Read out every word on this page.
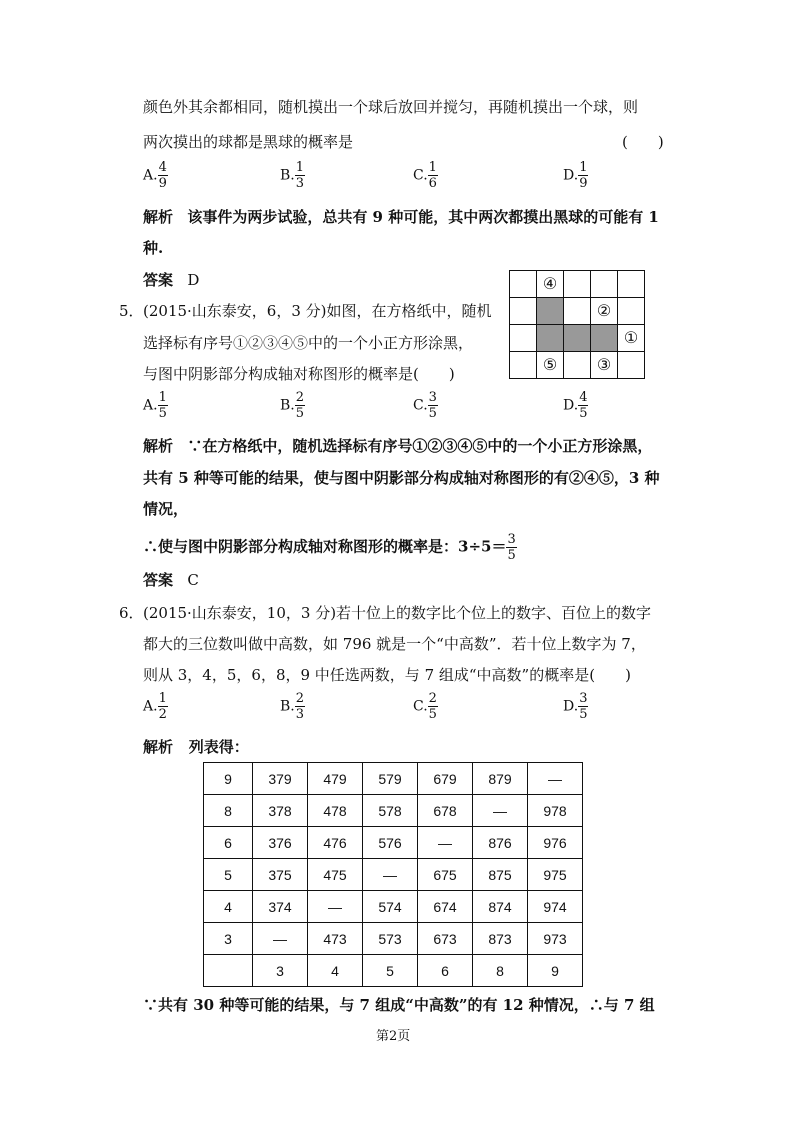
颜色外其余都相同，随机摸出一个球后放回并搅匀，再随机摸出一个球，则
两次摸出的球都是黑球的概率是	(　　)
A. $\frac{4}{9}$	B. $\frac{1}{3}$	C. $\frac{1}{6}$	D. $\frac{1}{9}$
解析 该事件为两步试验，总共有 9 种可能，其中两次都摸出黑球的可能有 1
种.
答案 D
5． (2015·山东泰安，6，3 分)如图，在方格纸中，随机
选择标有序号①②③④⑤中的一个小正方形涂黑，
与图中阴影部分构成轴对称图形的概率是(　　)
	④			
			②	
				①
	⑤		③	
A. $\frac{1}{5}$	B. $\frac{2}{5}$	C. $\frac{3}{5}$	D. $\frac{4}{5}$
解析 ∵在方格纸中，随机选择标有序号①②③④⑤中的一个小正方形涂黑，
共有 5 种等可能的结果，使与图中阴影部分构成轴对称图形的有②④⑤，3 种
情况，
∴使与图中阴影部分构成轴对称图形的概率是：$3\div 5= \frac{3}{5}$
答案 C
6． (2015·山东泰安，10，3 分)若十位上的数字比个位上的数字、百位上的数字
都大的三位数叫做中高数，如 796 就是一个“中高数”．若十位上数字为 7，
则从 3，4，5，6，8，9 中任选两数，与 7 组成“中高数”的概率是(　　)
A. $\frac{1}{2}$	B. $\frac{2}{3}$	C. $\frac{2}{5}$	D. $\frac{3}{5}$
解析 列表得：
9	379	479	579	679	879	—
8	378	478	578	678	—	978
6	376	476	576	—	876	976
5	375	475	—	675	875	975
4	374	—	574	674	874	974
3	—	473	573	673	873	973
	3	4	5	6	8	9
∵共有 30 种等可能的结果，与 7 组成“中高数”的有 12 种情况，∴与 7 组
第2页
